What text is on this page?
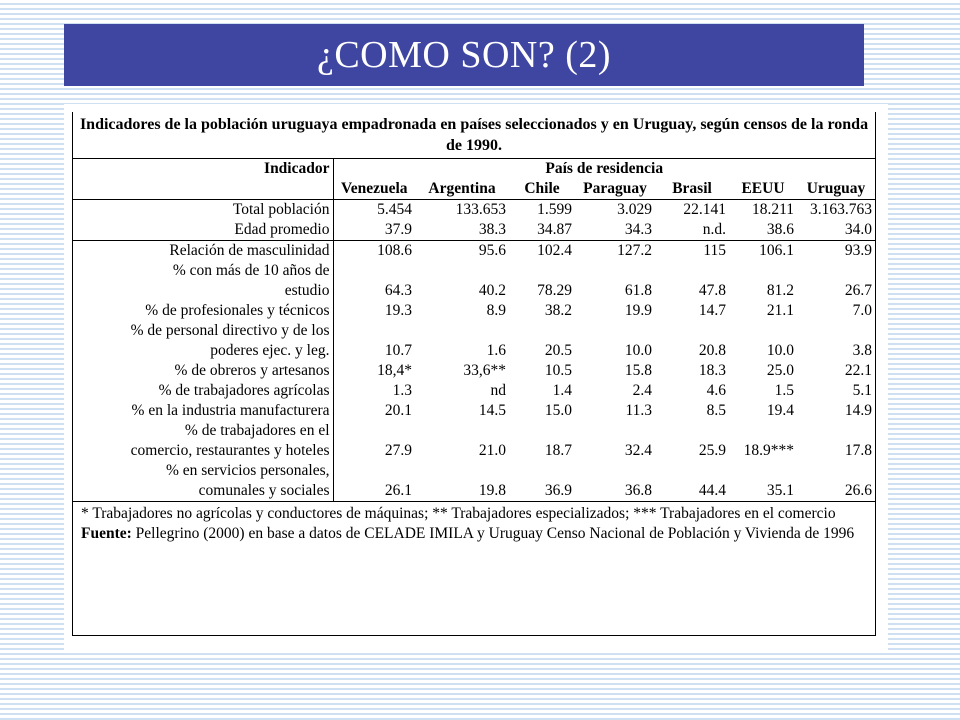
¿COMO SON? (2)
Indicadores de la población uruguaya empadronada en países seleccionados y en Uruguay, según censos de la ronda de 1990.							
Indicador	País de residencia						
	Venezuela	Argentina	Chile	Paraguay	Brasil	EEUU	Uruguay
Total población	5.454	133.653	1.599	3.029	22.141	18.211	3.163.763
Edad promedio	37.9	38.3	34.87	34.3	n.d.	38.6	34.0
Relación de masculinidad	108.6	95.6	102.4	127.2	115	106.1	93.9
% con más de 10 años de							
estudio	64.3	40.2	78.29	61.8	47.8	81.2	26.7
% de profesionales y técnicos	19.3	8.9	38.2	19.9	14.7	21.1	7.0
% de personal directivo y de los							
poderes ejec. y leg.	10.7	1.6	20.5	10.0	20.8	10.0	3.8
% de obreros y artesanos	18,4*	33,6**	10.5	15.8	18.3	25.0	22.1
% de trabajadores agrícolas	1.3	nd	1.4	2.4	4.6	1.5	5.1
% en la industria manufacturera	20.1	14.5	15.0	11.3	8.5	19.4	14.9
% de trabajadores en el							
comercio, restaurantes y hoteles	27.9	21.0	18.7	32.4	25.9	18.9***	17.8
% en servicios personales,							
comunales y sociales	26.1	19.8	36.9	36.8	44.4	35.1	26.6
* Trabajadores no agrícolas y conductores de máquinas; ** Trabajadores especializados; *** Trabajadores en el comercio
Fuente: Pellegrino (2000) en base a datos de CELADE IMILA y Uruguay Censo Nacional de Población y Vivienda de 1996
